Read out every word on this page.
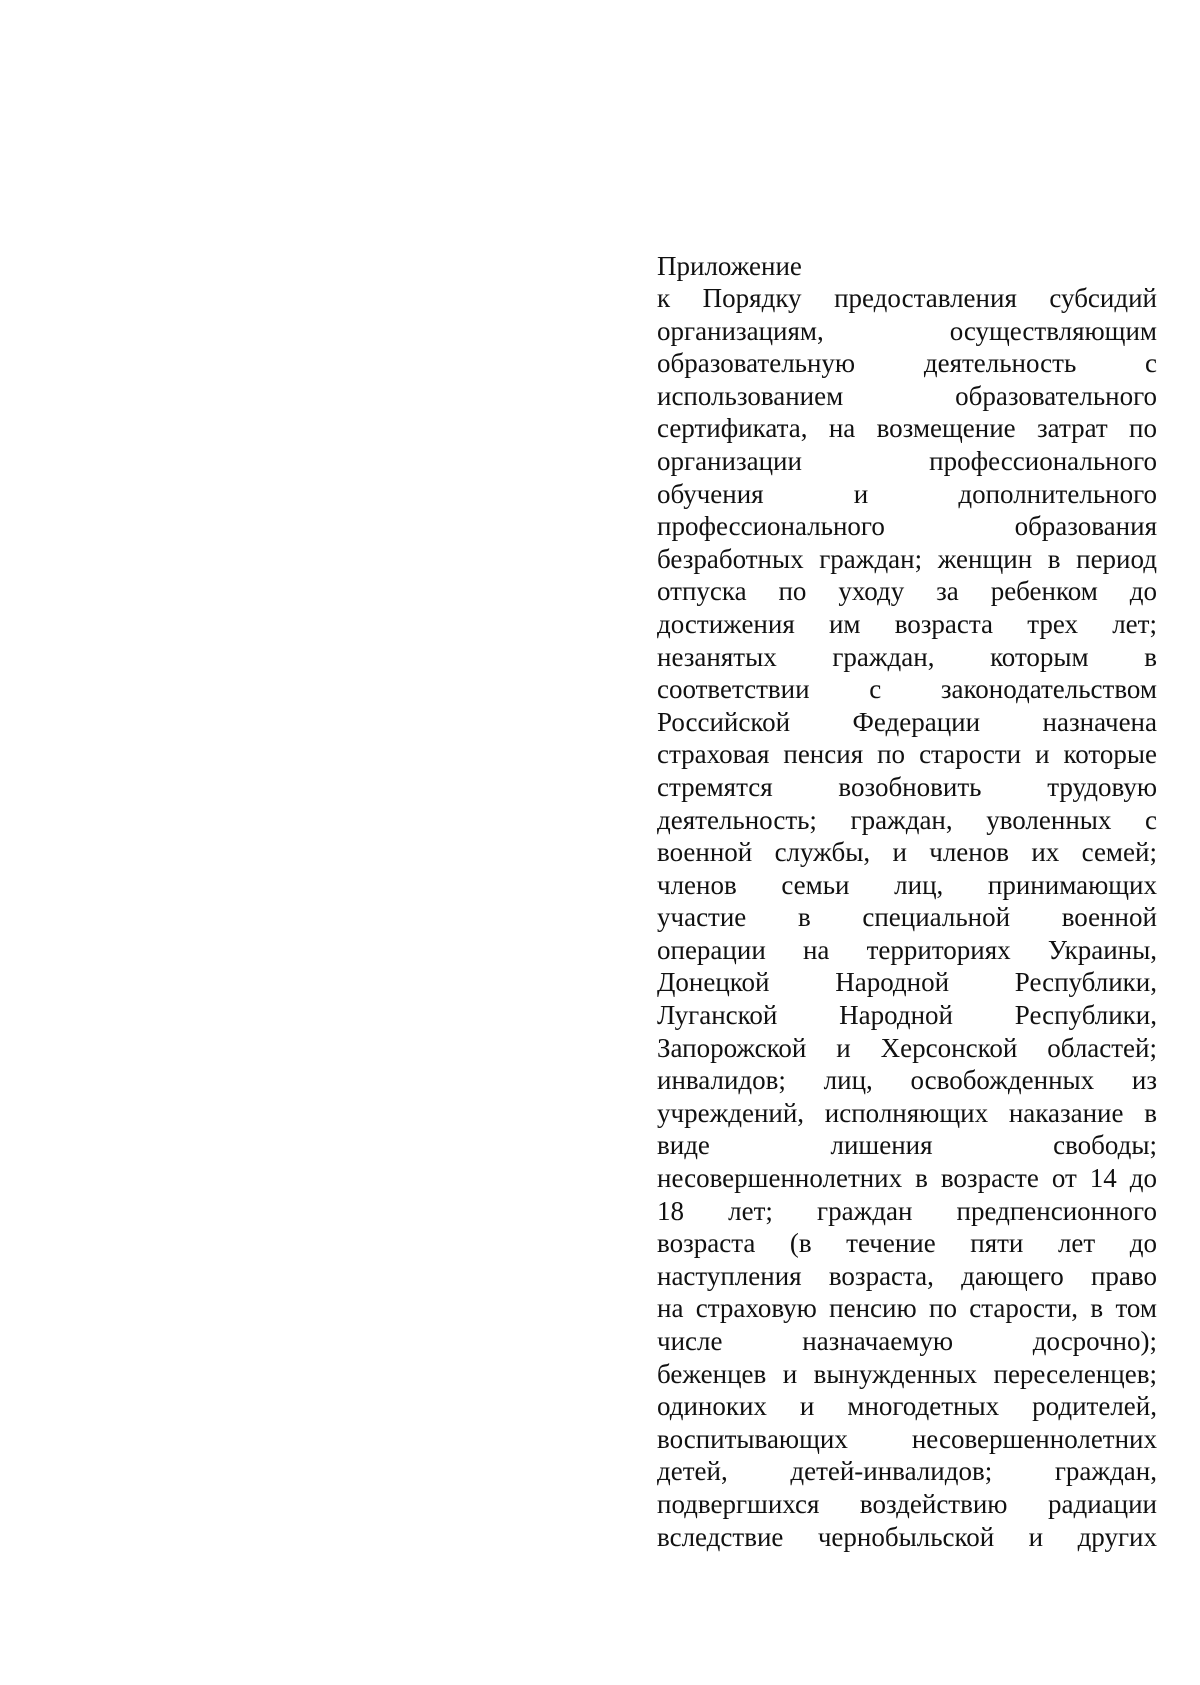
Приложение
к Порядку предоставления субсидий
организациям,	осуществляющим
образовательную	деятельность	с
использованием	образовательного
сертификата, на возмещение затрат по
организации	профессионального
обучения	и	дополнительного
профессионального	образования
безработных граждан; женщин в период
отпуска по уходу за ребенком до
достижения им возраста трех лет;
незанятых граждан, которым в
соответствии с законодательством
Российской Федерации назначена
страховая пенсия по старости и которые
стремятся возобновить трудовую
деятельность; граждан, уволенных с
военной службы, и членов их семей;
членов семьи лиц, принимающих
участие в специальной военной
операции на территориях Украины,
Донецкой Народной Республики,
Луганской Народной Республики,
Запорожской и Херсонской областей;
инвалидов; лиц, освобожденных из
учреждений, исполняющих наказание в
виде	лишения	свободы;
несовершеннолетних в возрасте от 14 до
18 лет; граждан предпенсионного
возраста (в течение пяти лет до
наступления возраста, дающего право
на страховую пенсию по старости, в том
числе	назначаемую	досрочно);
беженцев и вынужденных переселенцев;
одиноких и многодетных родителей,
воспитывающих несовершеннолетних
детей, детей-инвалидов; граждан,
подвергшихся воздействию радиации
вследствие чернобыльской и других
